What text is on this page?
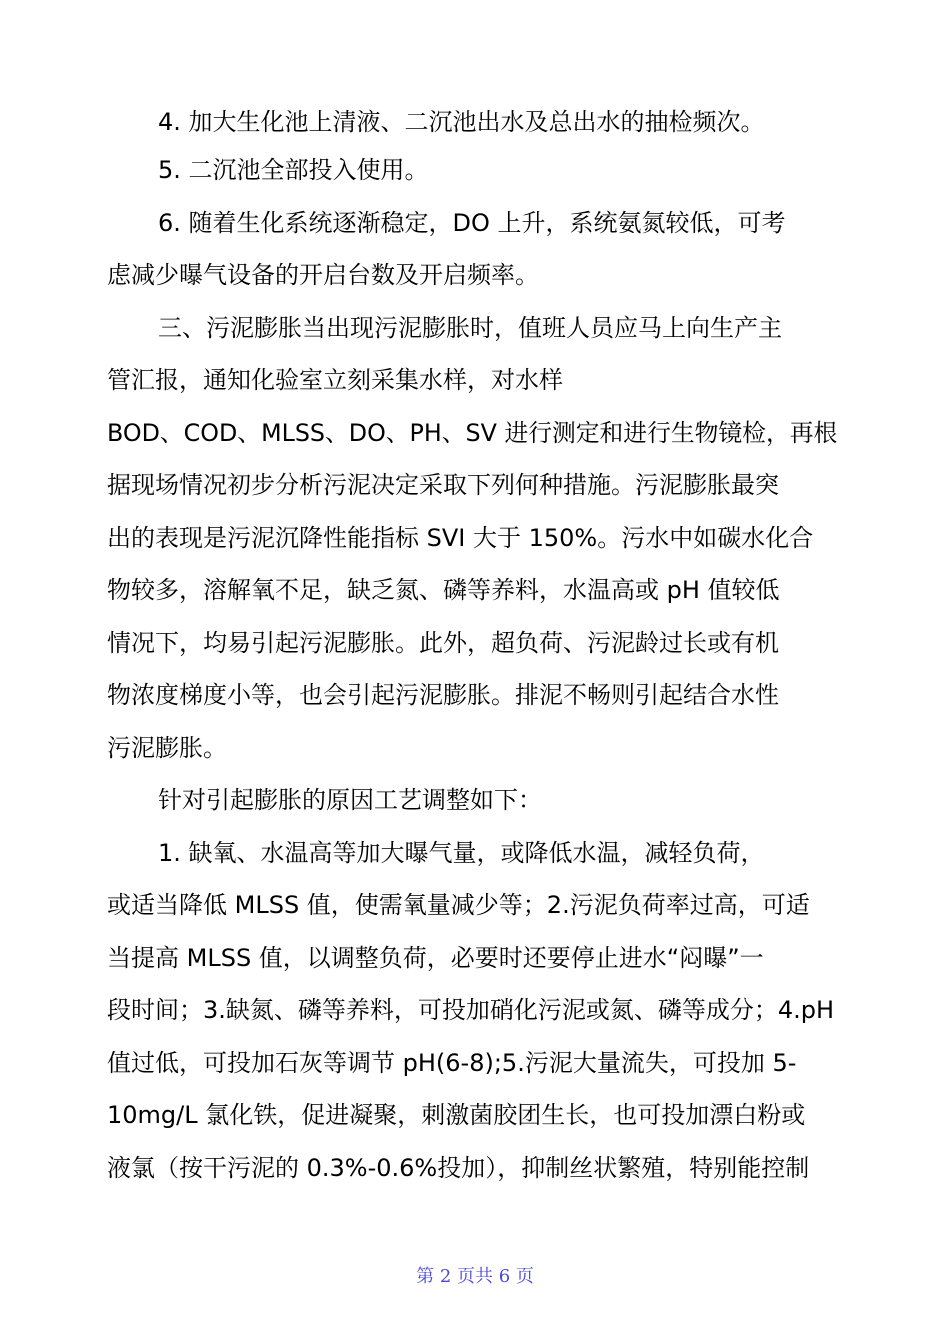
4. 加大生化池上清液、二沉池出水及总出水的抽检频次。
5. 二沉池全部投入使用。
6. 随着生化系统逐渐稳定，DO 上升，系统氨氮较低，可考
虑减少曝气设备的开启台数及开启频率。
三、污泥膨胀当出现污泥膨胀时，值班人员应马上向生产主
管汇报，通知化验室立刻采集水样，对水样
BOD、COD、MLSS、DO、PH、SV 进行测定和进行生物镜检，再根
据现场情况初步分析污泥决定采取下列何种措施。污泥膨胀最突
出的表现是污泥沉降性能指标 SVI 大于 150%。污水中如碳水化合
物较多，溶解氧不足，缺乏氮、磷等养料，水温高或 pH 值较低
情况下，均易引起污泥膨胀。此外，超负荷、污泥龄过长或有机
物浓度梯度小等，也会引起污泥膨胀。排泥不畅则引起结合水性
污泥膨胀。
针对引起膨胀的原因工艺调整如下：
1. 缺氧、水温高等加大曝气量，或降低水温，减轻负荷，
或适当降低 MLSS 值，使需氧量减少等；2.污泥负荷率过高，可适
当提高 MLSS 值，以调整负荷，必要时还要停止进水“闷曝”一
段时间；3.缺氮、磷等养料，可投加硝化污泥或氮、磷等成分；4.pH
值过低，可投加石灰等调节 pH(6-8);5.污泥大量流失，可投加 5-
10mg/L 氯化铁，促进凝聚，刺激菌胶团生长，也可投加漂白粉或
液氯（按干污泥的 0.3%-0.6%投加），抑制丝状繁殖，特别能控制
第 2 页共 6 页
